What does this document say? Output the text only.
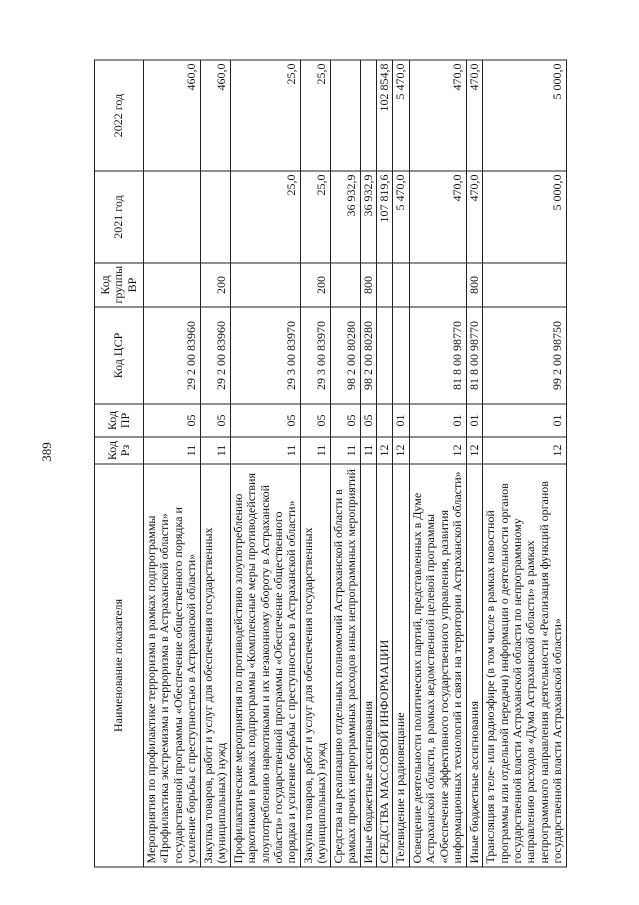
389
Наименование показателя	Код Рз	Код ПР	Код ЦСР	Код группы ВР	2021 год	2022 год
Мероприятия по профилактике терроризма в рамках подпрограммы «Профилактика экстремизма и терроризма в Астраханской области» государственной программы «Обеспечение общественного порядка и усиление борьбы с преступностью в Астраханской области»	11	05	29 2 00 83960			460,0
Закупка товаров, работ и услуг для обеспечения государственных (муниципальных) нужд	11	05	29 2 00 83960	200		460,0
Профилактические мероприятия по противодействию злоупотреблению наркотиками в рамках подпрограммы «Комплексные меры противодействия злоупотреблению наркотиками и их незаконному обороту в Астраханской области» государственной программы «Обеспечение общественного порядка и усиление борьбы с преступностью в Астраханской области»	11	05	29 3 00 83970		25,0	25,0
Закупка товаров, работ и услуг для обеспечения государственных (муниципальных) нужд	11	05	29 3 00 83970	200	25,0	25,0
Средства на реализацию отдельных полномочий Астраханской области в рамках прочих непрограммных расходов иных непрограммных мероприятий	11	05	98 2 00 80280		36 932,9	
Иные бюджетные ассигнования	11	05	98 2 00 80280	800	36 932,9	
СРЕДСТВА МАССОВОЙ ИНФОРМАЦИИ	12				107 819,6	102 854,8
Телевидение и радиовещание	12	01			5 470,0	5 470,0
Освещение деятельности политических партий, представленных в Думе Астраханской области, в рамках ведомственной целевой программы «Обеспечение эффективного государственного управления, развития информационных технологий и связи на территории Астраханской области»	12	01	81 8 00 98770		470,0	470,0
Иные бюджетные ассигнования	12	01	81 8 00 98770	800	470,0	470,0
Трансляция в теле- или радиоэфире (в том числе в рамках новостной программы или отдельной передачи) информации о деятельности органов государственной власти Астраханской области по непрограммному направлению расходов «Дума Астраханской области» в рамках непрограммного направления деятельности «Реализация функций органов государственной власти Астраханской области»	12	01	99 2 00 98750		5 000,0	5 000,0
